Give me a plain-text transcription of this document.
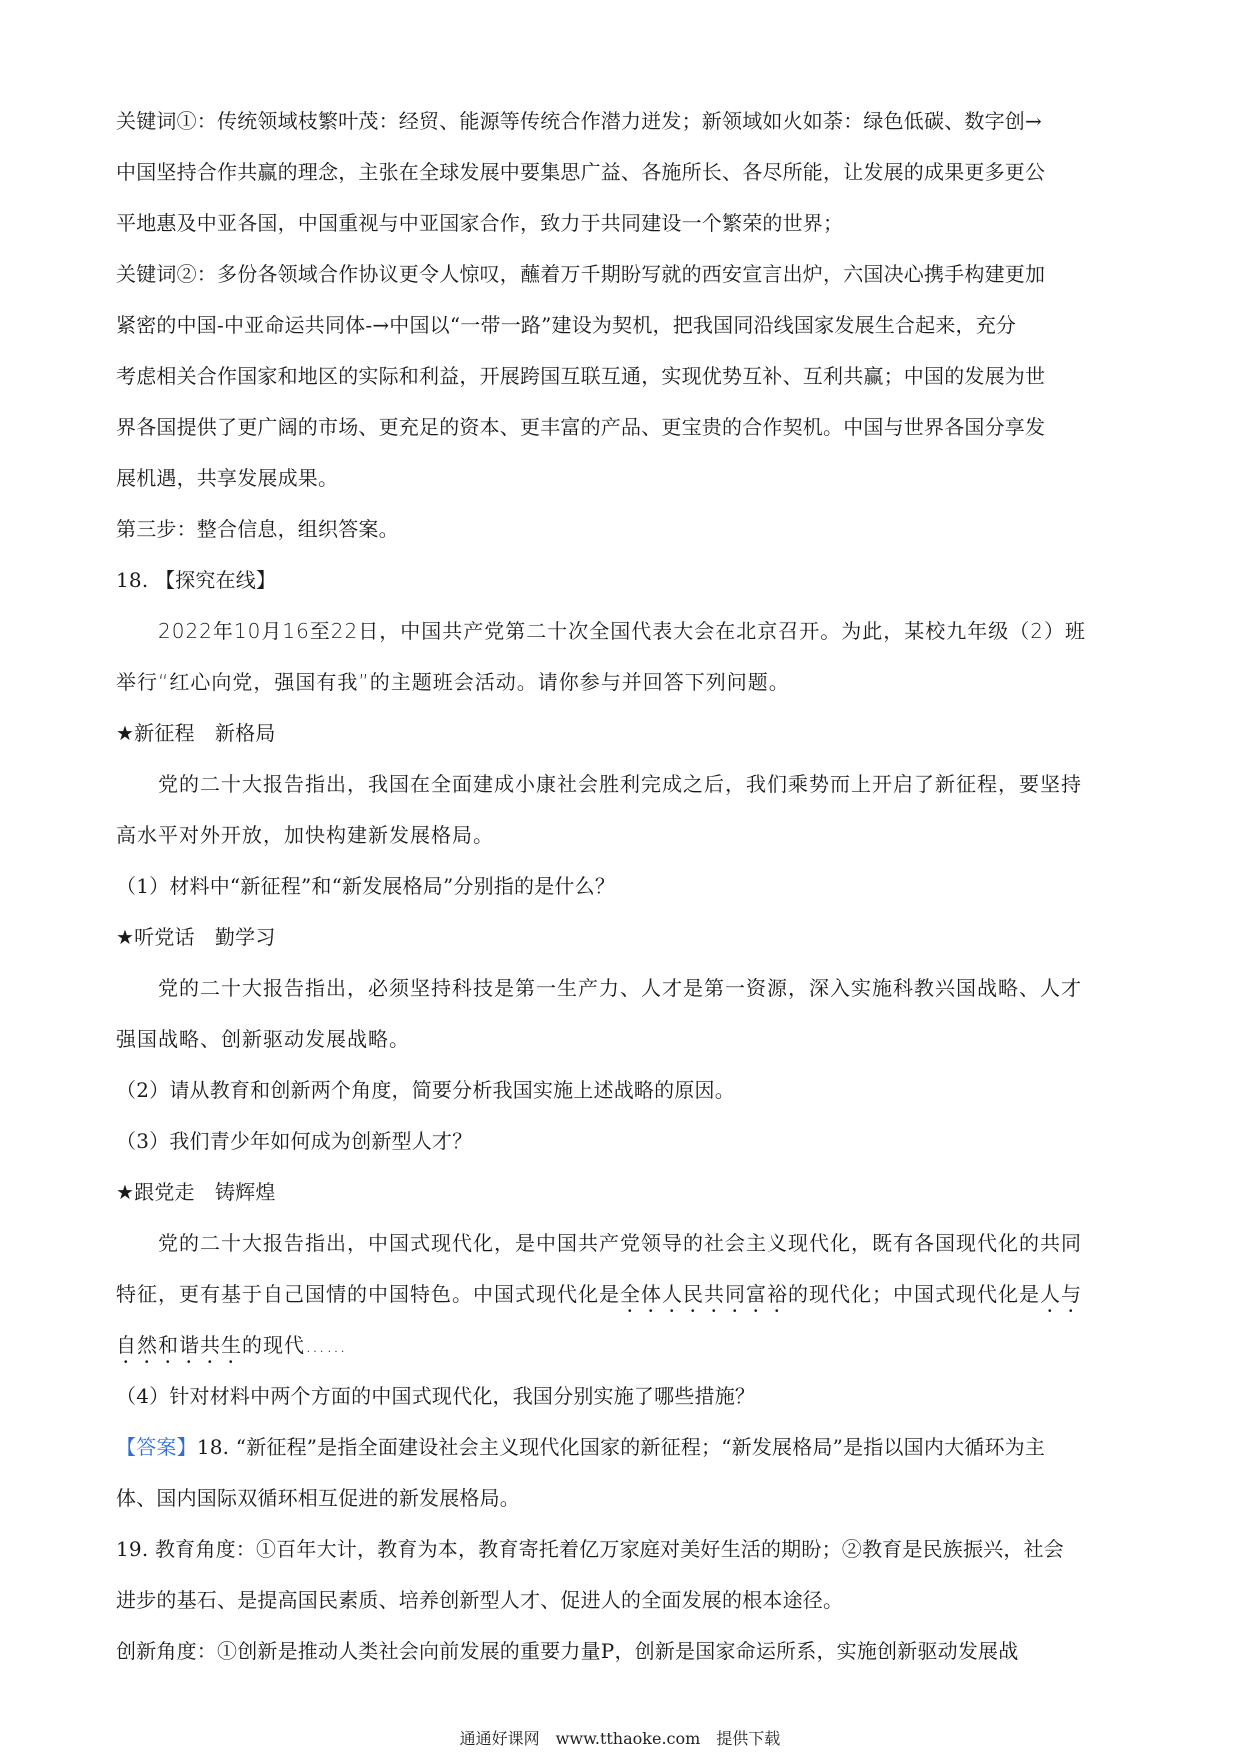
关键词①：传统领域枝繁叶茂：经贸、能源等传统合作潜力迸发；新领域如火如荼：绿色低碳、数字创→
中国坚持合作共赢的理念，主张在全球发展中要集思广益、各施所长、各尽所能，让发展的成果更多更公
平地惠及中亚各国，中国重视与中亚国家合作，致力于共同建设一个繁荣的世界；
关键词②：多份各领域合作协议更令人惊叹，蘸着万千期盼写就的西安宣言出炉，六国决心携手构建更加
紧密的中国-中亚命运共同体-→中国以“一带一路”建设为契机，把我国同沿线国家发展生合起来，充分
考虑相关合作国家和地区的实际和利益，开展跨国互联互通，实现优势互补、互利共赢；中国的发展为世
界各国提供了更广阔的市场、更充足的资本、更丰富的产品、更宝贵的合作契机。中国与世界各国分享发
展机遇，共享发展成果。
第三步：整合信息，组织答案。
18. 【探究在线】
2022年10月16至22日，中国共产党第二十次全国代表大会在北京召开。为此，某校九年级（2）班
举行“红心向党，强国有我”的主题班会活动。请你参与并回答下列问题。
★新征程　新格局
党的二十大报告指出，我国在全面建成小康社会胜利完成之后，我们乘势而上开启了新征程，要坚持
高水平对外开放，加快构建新发展格局。
（1）材料中“新征程”和“新发展格局”分别指的是什么？
★听党话　勤学习
党的二十大报告指出，必须坚持科技是第一生产力、人才是第一资源，深入实施科教兴国战略、人才
强国战略、创新驱动发展战略。
（2）请从教育和创新两个角度，简要分析我国实施上述战略的原因。
（3）我们青少年如何成为创新型人才？
★跟党走　铸辉煌
党的二十大报告指出，中国式现代化，是中国共产党领导的社会主义现代化，既有各国现代化的共同
特征，更有基于自己国情的中国特色。中国式现代化是全体人民共同富裕的现代化；中国式现代化是人与
自然和谐共生的现代……
（4）针对材料中两个方面的中国式现代化，我国分别实施了哪些措施？
【答案】18. “新征程”是指全面建设社会主义现代化国家的新征程；“新发展格局”是指以国内大循环为主
体、国内国际双循环相互促进的新发展格局。
19. 教育角度：①百年大计，教育为本，教育寄托着亿万家庭对美好生活的期盼；②教育是民族振兴，社会
进步的基石、是提高国民素质、培养创新型人才、促进人的全面发展的根本途径。
创新角度：①创新是推动人类社会向前发展的重要力量P，创新是国家命运所系，实施创新驱动发展战
通通好课网　www.tthaoke.com　提供下载
